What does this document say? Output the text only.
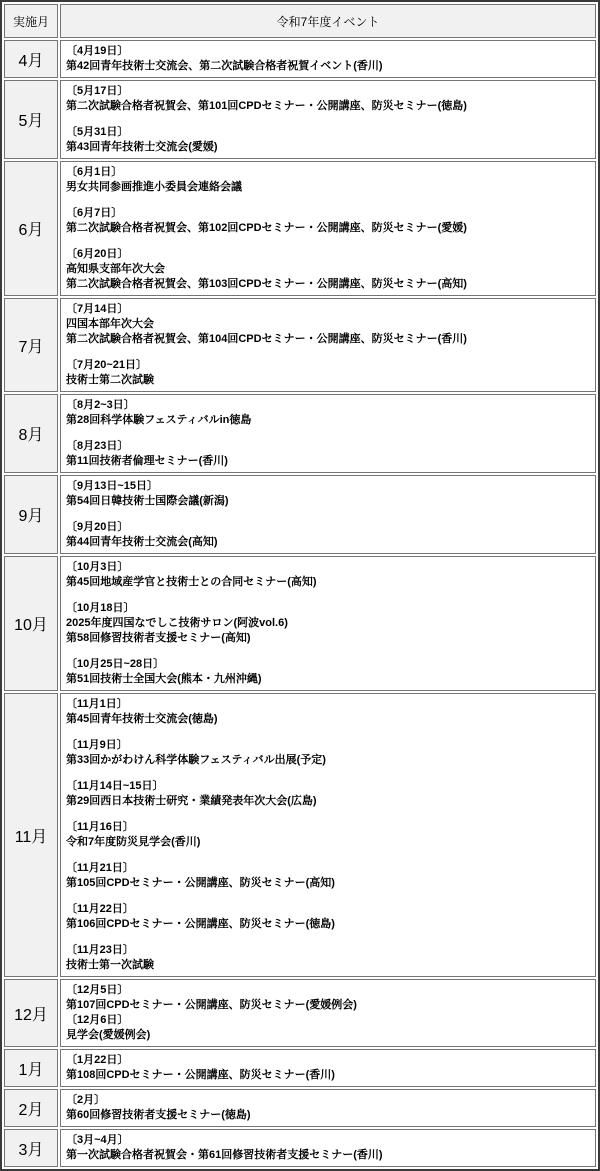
実施月	令和7年度イベント
4月	〔4月19日〕
第42回青年技術士交流会、第二次試験合格者祝賀イベント(香川)

5月	〔5月17日〕
第二次試験合格者祝賀会、第101回CPDセミナー・公開講座、防災セミナー(徳島)
〔5月31日〕
第43回青年技術士交流会(愛媛)

6月	
〔6月1日〕
男女共同参画推進小委員会連絡会議
〔6月7日〕
第二次試験合格者祝賀会、第102回CPDセミナー・公開講座、防災セミナー(愛媛)
〔6月20日〕
高知県支部年次大会
第二次試験合格者祝賀会、第103回CPDセミナー・公開講座、防災セミナー(高知)

7月	〔7月14日〕
四国本部年次大会
第二次試験合格者祝賀会、第104回CPDセミナー・公開講座、防災セミナー(香川)
〔7月20~21日〕
技術士第二次試験

8月	〔8月2~3日〕
第28回科学体験フェスティバルin徳島
〔8月23日〕
第11回技術者倫理セミナー(香川)

9月	〔9月13日~15日〕
第54回日韓技術士国際会議(新潟)
〔9月20日〕
第44回青年技術士交流会(高知)

10月	
〔10月3日〕
第45回地域産学官と技術士との合同セミナー(高知)
〔10月18日〕
2025年度四国なでしこ技術サロン(阿波vol.6)
第58回修習技術者支援セミナー(高知)
〔10月25日~28日〕
第51回技術士全国大会(熊本・九州沖縄)

11月	
〔11月1日〕
第45回青年技術士交流会(徳島)
〔11月9日〕
第33回かがわけん科学体験フェスティバル出展(予定)
〔11月14日~15日〕
第29回西日本技術士研究・業績発表年次大会(広島)
〔11月16日〕
令和7年度防災見学会(香川)
〔11月21日〕
第105回CPDセミナー・公開講座、防災セミナー(高知)
〔11月22日〕
第106回CPDセミナー・公開講座、防災セミナー(徳島)
〔11月23日〕
技術士第一次試験

12月	〔12月5日〕
第107回CPDセミナー・公開講座、防災セミナー(愛媛例会)
〔12月6日〕
見学会(愛媛例会)

1月	〔1月22日〕
第108回CPDセミナー・公開講座、防災セミナー(香川)

2月	〔2月〕
第60回修習技術者支援セミナー(徳島)

3月	〔3月~4月〕
第一次試験合格者祝賀会・第61回修習技術者支援セミナー(香川)
